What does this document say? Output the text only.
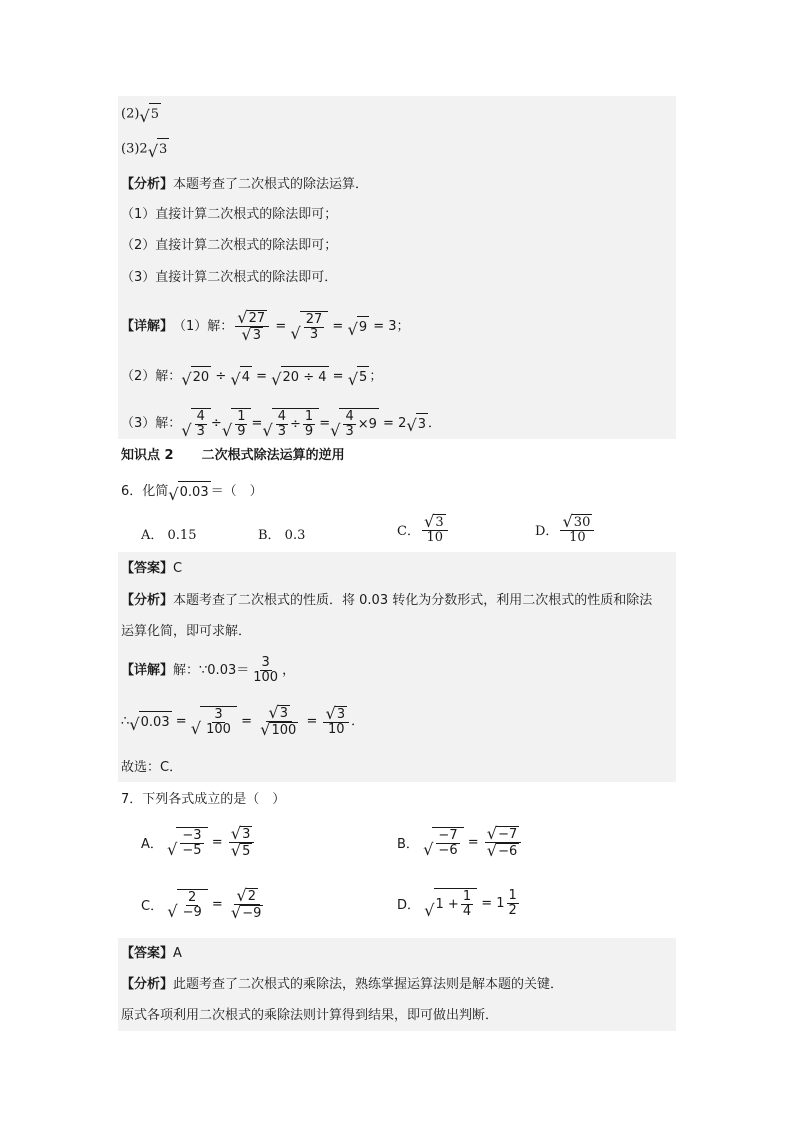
(2) √ 5
(3)2 √ 3
【分析】本题考查了二次根式的除法运算．
（1）直接计算二次根式的除法即可；
（2）直接计算二次根式的除法即可；
（3）直接计算二次根式的除法即可．
【详解】 （1）解： $\frac{√ 27}{√ 3}$ = √ $\frac{27}{3}$ = √ 9 = 3；
（2）解： √ 20 ÷ √ 4 = √ 20 ÷ 4 = √ 5 ；
（3）解： √ $\frac{4}{3}$ ÷ √ $\frac{1}{9}$ = √ $\frac{4}{3} \div \frac{1}{9}$ = √ $\frac{4}{3} \times 9 = 2$ √ 3 ．
知识点 2 二次根式除法运算的逆用
6．化简 √ 0.03 ＝（　）
A． 0.15	B． 0.3	C． $\frac{√ 3}{10}$	D． $\frac{√ 30}{10}$
【答案】C
【分析】本题考查了二次根式的性质．将 0.03 转化为分数形式，利用二次根式的性质和除法
运算化简，即可求解．
【详解】 解：∵0.03＝ $\frac{3}{100}$ ，
∴ √ 0.03 = √ $\frac{3}{100} = \frac{√ 3}{√ 100} = \frac{√ 3}{10}$ ．
故选：C．
7．下列各式成立的是（　）
A．
√ $\frac{-3}{-5} = \frac{√ 3}{√ 5}$	B．
√ $\frac{-7}{-6} = \frac{√ -7}{√ -6}$
C．
√ $\frac{2}{-9} = \frac{√ 2}{√ -9}$	D．
√ $1 + \frac{1}{4} = 1 \frac{1}{2}$
【答案】A
【分析】此题考查了二次根式的乘除法，熟练掌握运算法则是解本题的关键．
原式各项利用二次根式的乘除法则计算得到结果，即可做出判断．
